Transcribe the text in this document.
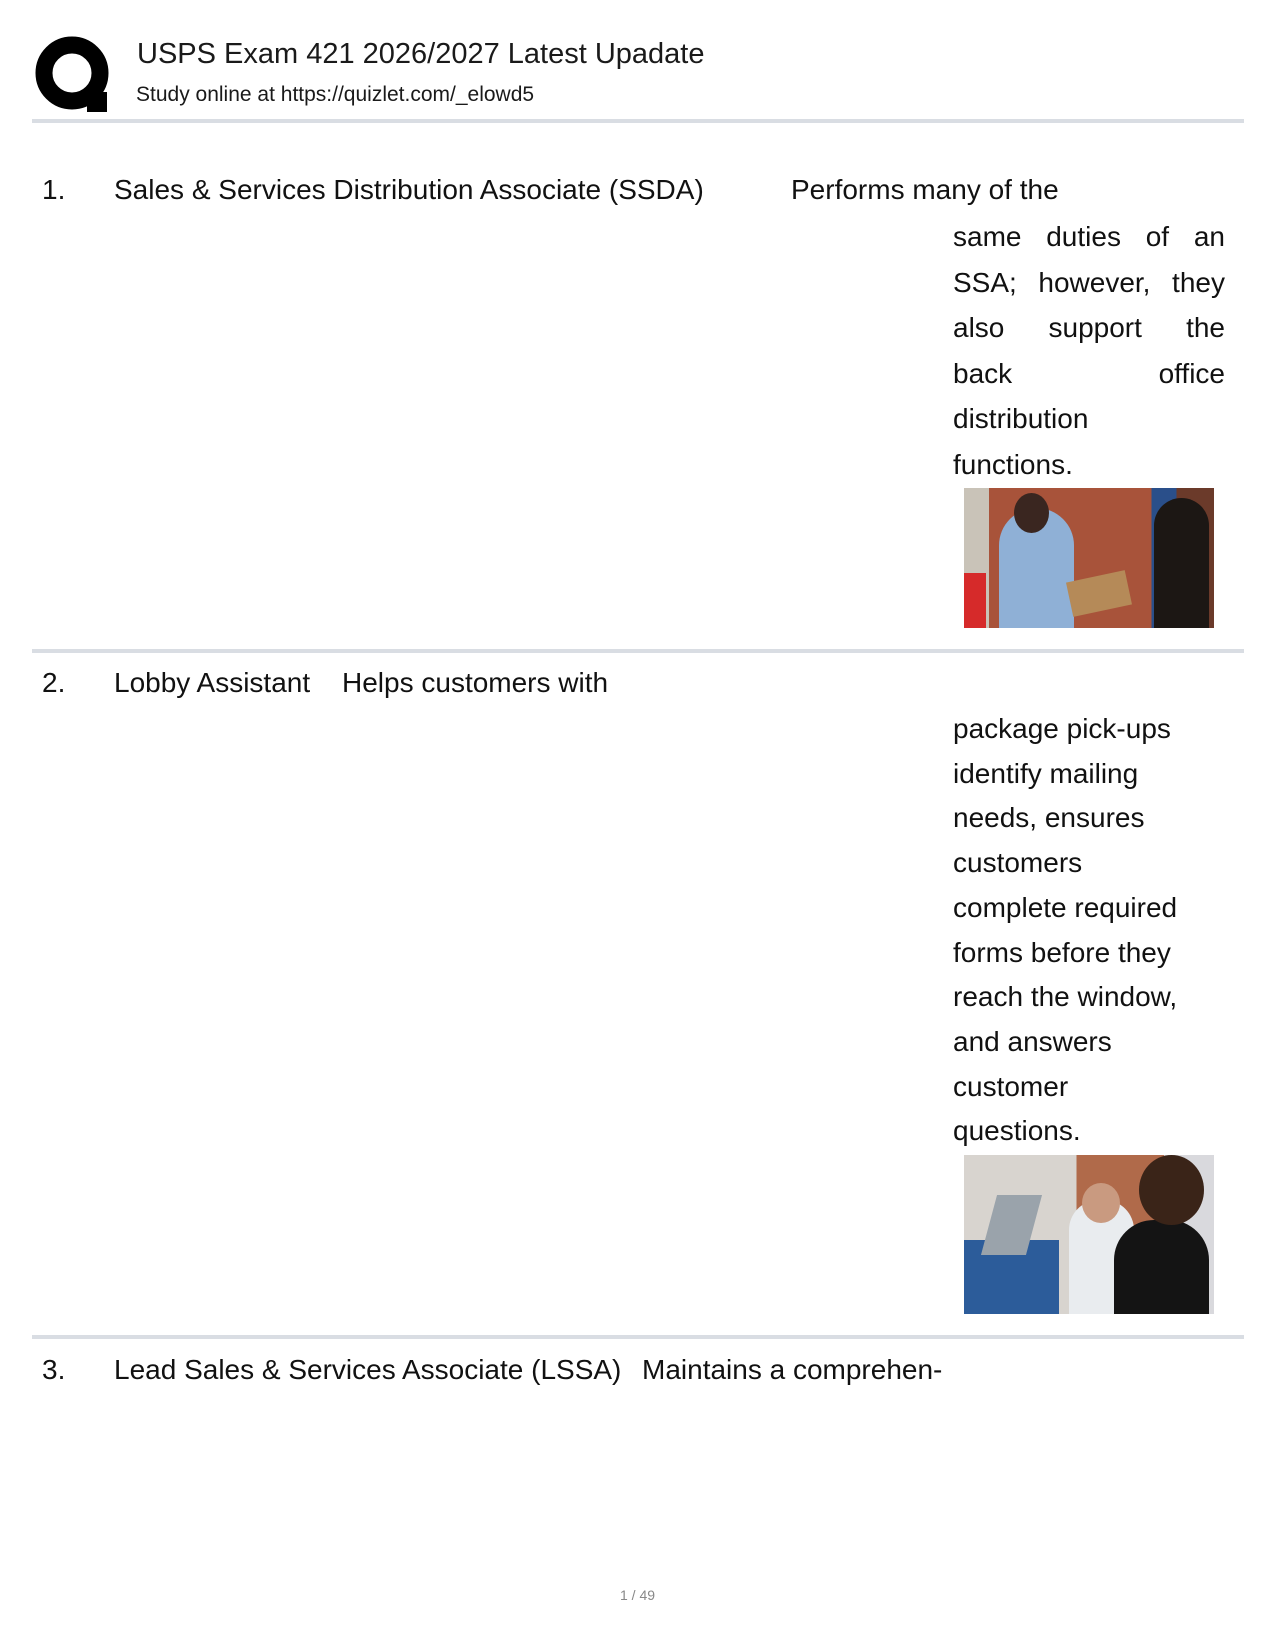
USPS Exam 421 2026/2027 Latest Upadate
Study online at https://quizlet.com/_elowd5
1. Sales & Services Distribution Associate (SSDA)	Performs many of the
same duties of an
SSA; however, they
also support the
back	office
distribution
functions.
2. Lobby Assistant Helps customers with
package pick-ups
identify mailing
needs, ensures
customers
complete required
forms before they
reach the window,
and answers
customer
questions.
3. Lead Sales & Services Associate (LSSA) Maintains a comprehen-
1 / 49
